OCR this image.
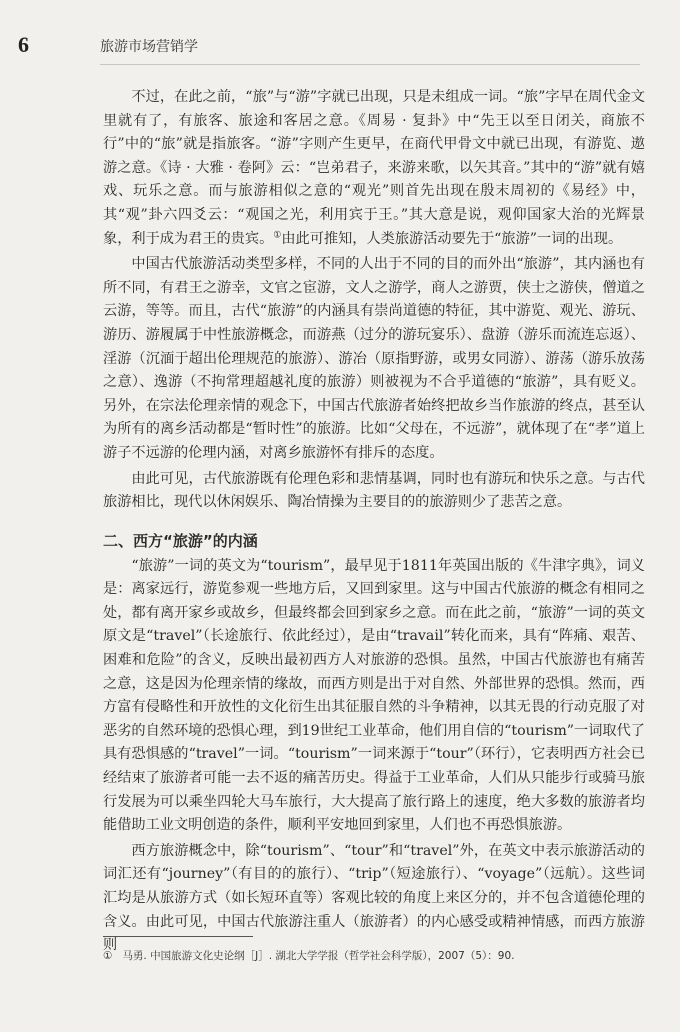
6	旅游市场营销学

不过，在此之前，“旅”与“游”字就已出现，只是未组成一词。“旅”字早在周代金文里就有了，有旅客、旅途和客居之意。《周易 · 复卦》中“先王以至日闭关，商旅不行”中的“旅”就是指旅客。“游”字则产生更早，在商代甲骨文中就已出现，有游览、遨游之意。《诗 · 大雅 · 卷阿》云：“岂弟君子，来游来歌，以矢其音。”其中的“游”就有嬉戏、玩乐之意。而与旅游相似之意的“观光”则首先出现在殷末周初的《易经》中，其“观”卦六四爻云：“观国之光，利用宾于王。”其大意是说，观仰国家大治的光辉景象，利于成为君王的贵宾。①由此可推知，人类旅游活动要先于“旅游”一词的出现。

中国古代旅游活动类型多样，不同的人出于不同的目的而外出“旅游”，其内涵也有所不同，有君王之游幸，文官之宦游，文人之游学，商人之游贾，侠士之游侠，僧道之云游，等等。而且，古代“旅游”的内涵具有崇尚道德的特征，其中游览、观光、游玩、游历、游履属于中性旅游概念，而游燕（过分的游玩宴乐）、盘游（游乐而流连忘返）、淫游（沉湎于超出伦理规范的旅游）、游冶（原指野游，或男女同游）、游荡（游乐放荡之意）、逸游（不拘常理超越礼度的旅游）则被视为不合乎道德的“旅游”，具有贬义。另外，在宗法伦理亲情的观念下，中国古代旅游者始终把故乡当作旅游的终点，甚至认为所有的离乡活动都是“暂时性”的旅游。比如“父母在，不远游”，就体现了在“孝”道上游子不远游的伦理内涵，对离乡旅游怀有排斥的态度。

由此可见，古代旅游既有伦理色彩和悲情基调，同时也有游玩和快乐之意。与古代旅游相比，现代以休闲娱乐、陶冶情操为主要目的的旅游则少了悲苦之意。

二、西方“旅游”的内涵

“旅游”一词的英文为“tourism”，最早见于1811年英国出版的《牛津字典》，词义是：离家远行，游览参观一些地方后，又回到家里。这与中国古代旅游的概念有相同之处，都有离开家乡或故乡，但最终都会回到家乡之意。而在此之前，“旅游”一词的英文原文是“travel”（长途旅行、依此经过），是由“travail”转化而来，具有“阵痛、艰苦、困难和危险”的含义，反映出最初西方人对旅游的恐惧。虽然，中国古代旅游也有痛苦之意，这是因为伦理亲情的缘故，而西方则是出于对自然、外部世界的恐惧。然而，西方富有侵略性和开放性的文化衍生出其征服自然的斗争精神，以其无畏的行动克服了对恶劣的自然环境的恐惧心理，到19世纪工业革命，他们用自信的“tourism”一词取代了具有恐惧感的“travel”一词。“tourism”一词来源于“tour”（环行），它表明西方社会已经结束了旅游者可能一去不返的痛苦历史。得益于工业革命，人们从只能步行或骑马旅行发展为可以乘坐四轮大马车旅行，大大提高了旅行路上的速度，绝大多数的旅游者均能借助工业文明创造的条件，顺利平安地回到家里，人们也不再恐惧旅游。

西方旅游概念中，除“tourism”、“tour”和“travel”外，在英文中表示旅游活动的词汇还有“journey”（有目的的旅行）、“trip”（短途旅行）、“voyage”（远航）。这些词汇均是从旅游方式（如长短环直等）客观比较的角度上来区分的，并不包含道德伦理的含义。由此可见，中国古代旅游注重人（旅游者）的内心感受或精神情感，而西方旅游则

① 马勇. 中国旅游文化史论纲［J］. 湖北大学学报（哲学社会科学版），2007（5）：90.
